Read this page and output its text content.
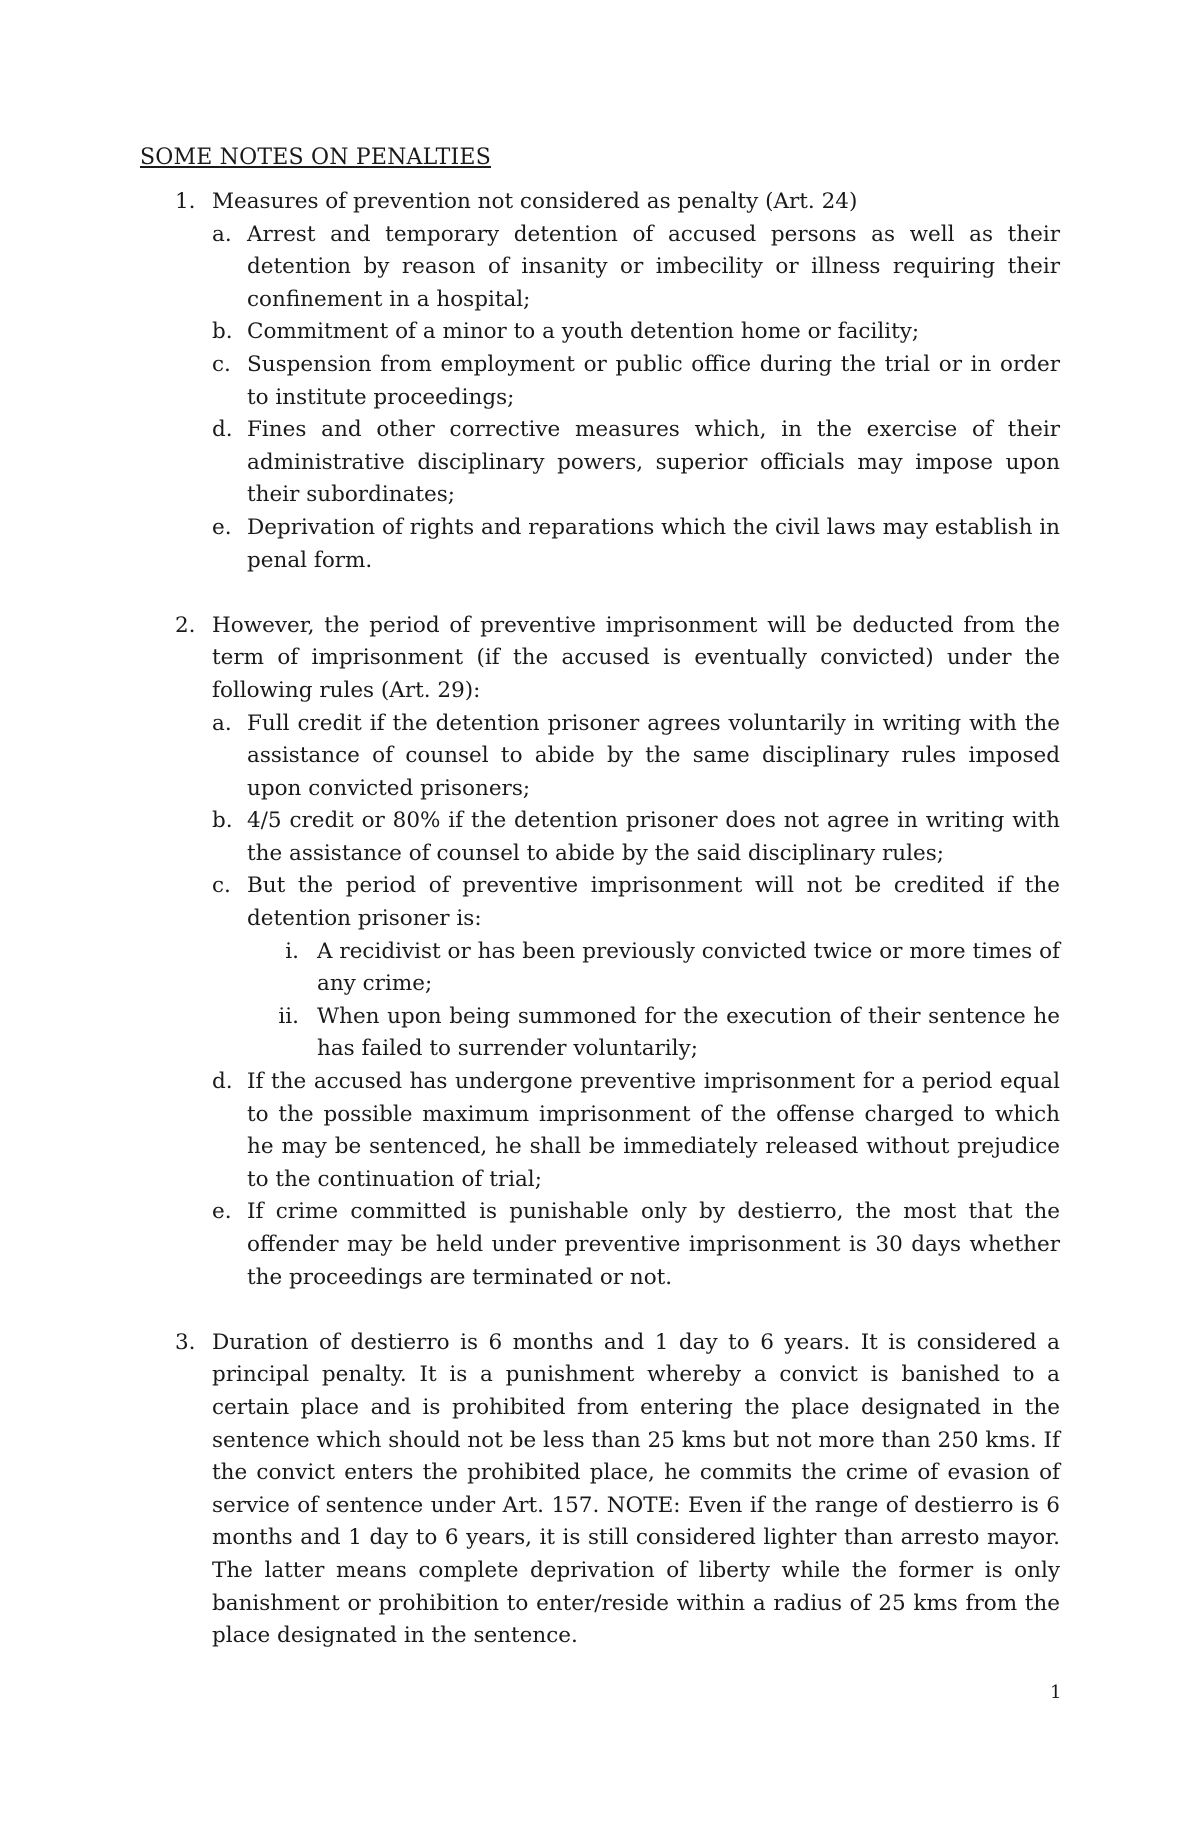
SOME NOTES ON PENALTIES
1. Measures of prevention not considered as penalty (Art. 24)
a. Arrest and temporary detention of accused persons as well as their detention by reason of insanity or imbecility or illness requiring their confinement in a hospital;
b. Commitment of a minor to a youth detention home or facility;
c. Suspension from employment or public office during the trial or in order to institute proceedings;
d. Fines and other corrective measures which, in the exercise of their administrative disciplinary powers, superior officials may impose upon their subordinates;
e. Deprivation of rights and reparations which the civil laws may establish in penal form.
2. However, the period of preventive imprisonment will be deducted from the term of imprisonment (if the accused is eventually convicted) under the following rules (Art. 29):
a. Full credit if the detention prisoner agrees voluntarily in writing with the assistance of counsel to abide by the same disciplinary rules imposed upon convicted prisoners;
b. 4/5 credit or 80% if the detention prisoner does not agree in writing with the assistance of counsel to abide by the said disciplinary rules;
c. But the period of preventive imprisonment will not be credited if the detention prisoner is:
i. A recidivist or has been previously convicted twice or more times of any crime;
ii. When upon being summoned for the execution of their sentence he has failed to surrender voluntarily;
d. If the accused has undergone preventive imprisonment for a period equal to the possible maximum imprisonment of the offense charged to which he may be sentenced, he shall be immediately released without prejudice to the continuation of trial;
e. If crime committed is punishable only by destierro, the most that the offender may be held under preventive imprisonment is 30 days whether the proceedings are terminated or not.
3. Duration of destierro is 6 months and 1 day to 6 years. It is considered a principal penalty. It is a punishment whereby a convict is banished to a certain place and is prohibited from entering the place designated in the sentence which should not be less than 25 kms but not more than 250 kms. If the convict enters the prohibited place, he commits the crime of evasion of service of sentence under Art. 157. NOTE: Even if the range of destierro is 6 months and 1 day to 6 years, it is still considered lighter than arresto mayor. The latter means complete deprivation of liberty while the former is only banishment or prohibition to enter/reside within a radius of 25 kms from the place designated in the sentence.
1
